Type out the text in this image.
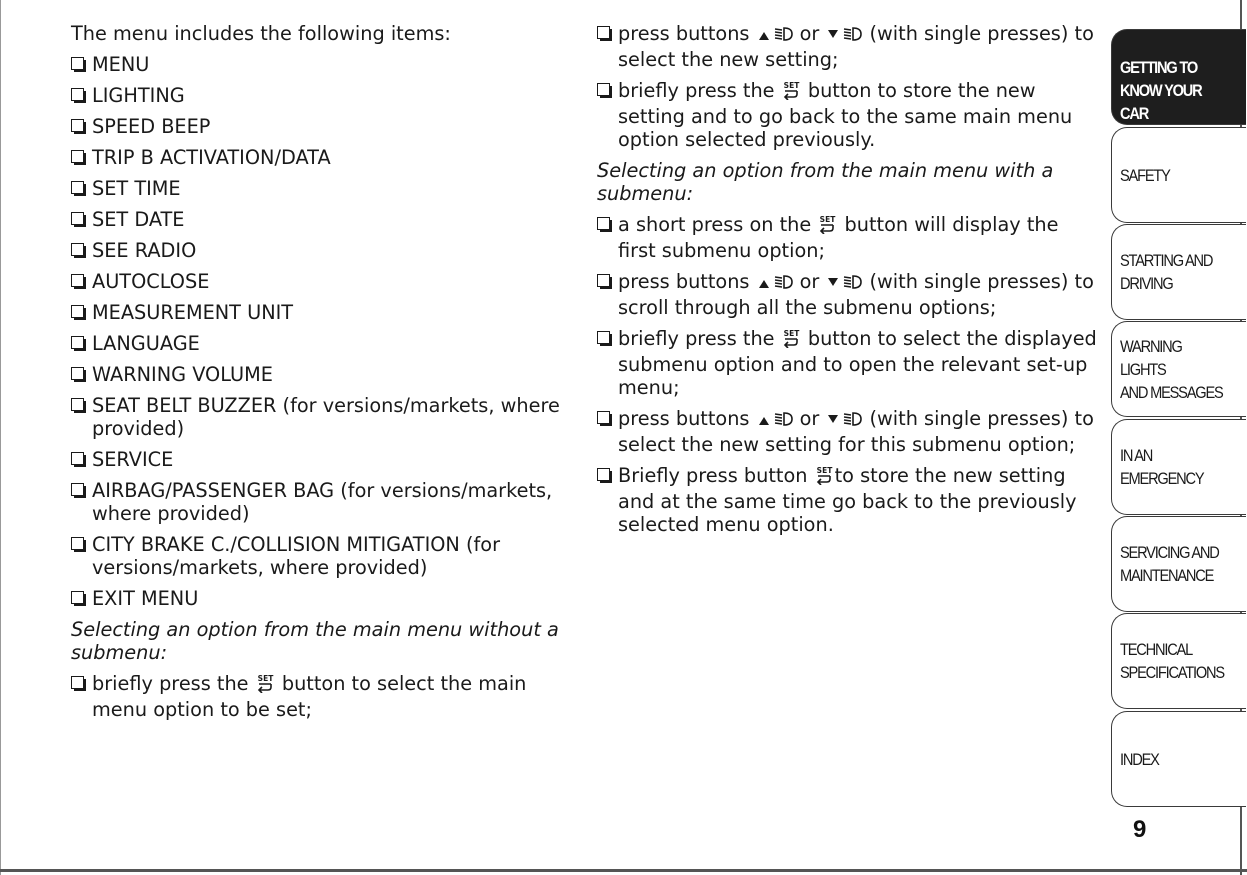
The menu includes the following items:

MENU
LIGHTING
SPEED BEEP
TRIP B ACTIVATION/DATA
SET TIME
SET DATE
SEE RADIO
AUTOCLOSE
MEASUREMENT UNIT
LANGUAGE
WARNING VOLUME
SEAT BELT BUZZER (for versions/markets, where provided)
SERVICE
AIRBAG/PASSENGER BAG (for versions/markets, where provided)
CITY BRAKE C./COLLISION MITIGATION (for versions/markets, where provided)
EXIT MENU

Selecting an option from the main menu without a submenu:

briefly press the SET button to select the main menu option to be set;
press buttons	or	(with single presses) to select the new setting;
briefly press the SET button to store the new setting and to go back to the same main menu option selected previously.

Selecting an option from the main menu with a submenu:

a short press on the SET button will display the first submenu option;
press buttons	or	(with single presses) to scroll through all the submenu options;
briefly press the SET button to select the displayed submenu option and to open the relevant set-up menu;
press buttons	or	(with single presses) to select the new setting for this submenu option;
Briefly press button SET to store the new setting and at the same time go back to the previously selected menu option.
GETTING TO
KNOW YOUR CAR
SAFETY
STARTING AND
DRIVING
WARNING LIGHTS
AND MESSAGES
IN AN EMERGENCY
SERVICING AND
MAINTENANCE
TECHNICAL
SPECIFICATIONS
INDEX
9
